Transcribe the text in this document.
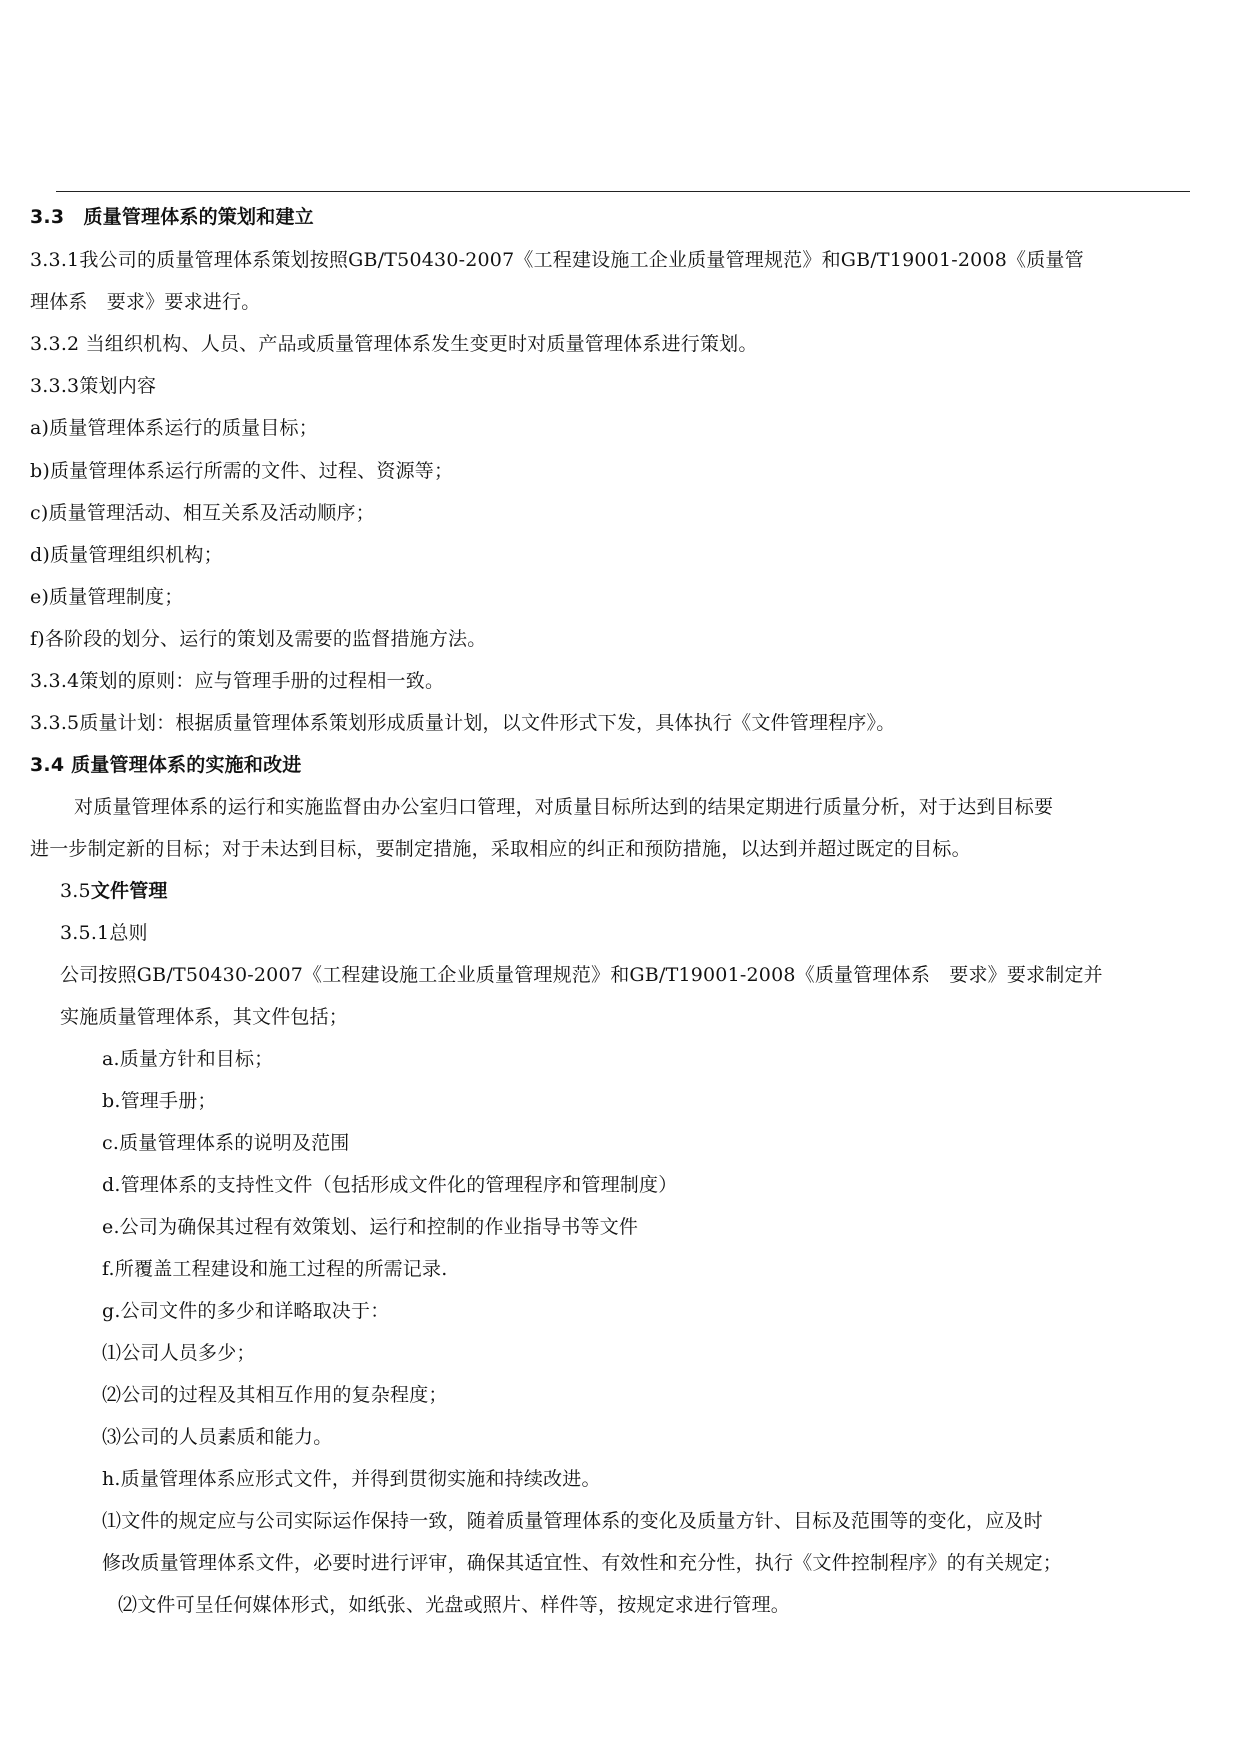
3.3　质量管理体系的策划和建立
3.3.1我公司的质量管理体系策划按照GB/T50430-2007《工程建设施工企业质量管理规范》和GB/T19001-2008《质量管
理体系　要求》要求进行。
3.3.2 当组织机构、人员、产品或质量管理体系发生变更时对质量管理体系进行策划。
3.3.3策划内容
a)质量管理体系运行的质量目标；
b)质量管理体系运行所需的文件、过程、资源等；
c)质量管理活动、相互关系及活动顺序；
d)质量管理组织机构；
e)质量管理制度；
f)各阶段的划分、运行的策划及需要的监督措施方法。
3.3.4策划的原则：应与管理手册的过程相一致。
3.3.5质量计划：根据质量管理体系策划形成质量计划，以文件形式下发，具体执行《文件管理程序》。
3.4 质量管理体系的实施和改进
对质量管理体系的运行和实施监督由办公室归口管理，对质量目标所达到的结果定期进行质量分析，对于达到目标要
进一步制定新的目标；对于未达到目标，要制定措施，采取相应的纠正和预防措施，以达到并超过既定的目标。
3.5文件管理
3.5.1总则
公司按照GB/T50430-2007《工程建设施工企业质量管理规范》和GB/T19001-2008《质量管理体系　要求》要求制定并
实施质量管理体系，其文件包括；
a.质量方针和目标；
b.管理手册；
c.质量管理体系的说明及范围
d.管理体系的支持性文件（包括形成文件化的管理程序和管理制度）
e.公司为确保其过程有效策划、运行和控制的作业指导书等文件
f.所覆盖工程建设和施工过程的所需记录.
g.公司文件的多少和详略取决于：
⑴公司人员多少；
⑵公司的过程及其相互作用的复杂程度；
⑶公司的人员素质和能力。
h.质量管理体系应形式文件，并得到贯彻实施和持续改进。
⑴文件的规定应与公司实际运作保持一致，随着质量管理体系的变化及质量方针、目标及范围等的变化，应及时
修改质量管理体系文件，必要时进行评审，确保其适宜性、有效性和充分性，执行《文件控制程序》的有关规定；
⑵文件可呈任何媒体形式，如纸张、光盘或照片、样件等，按规定求进行管理。
